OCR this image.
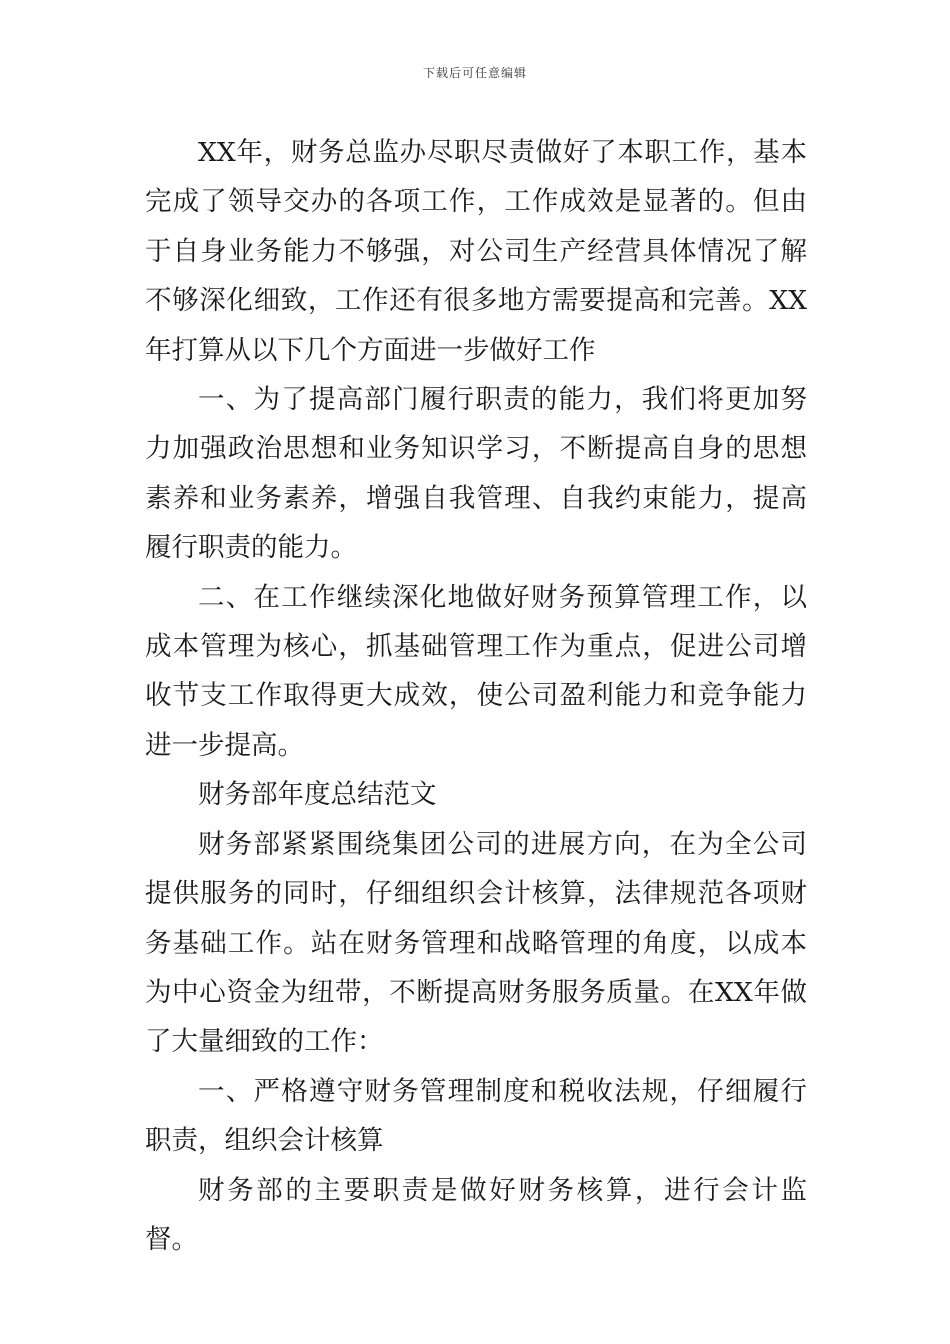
下载后可任意编辑

XX年，财务总监办尽职尽责做好了本职工作，基本完成了领导交办的各项工作，工作成效是显著的。但由于自身业务能力不够强，对公司生产经营具体情况了解不够深化细致，工作还有很多地方需要提高和完善。XX年打算从以下几个方面进一步做好工作

一、为了提高部门履行职责的能力，我们将更加努力加强政治思想和业务知识学习，不断提高自身的思想素养和业务素养，增强自我管理、自我约束能力，提高履行职责的能力。

二、在工作继续深化地做好财务预算管理工作，以成本管理为核心，抓基础管理工作为重点，促进公司增收节支工作取得更大成效，使公司盈利能力和竞争能力进一步提高。

财务部年度总结范文

财务部紧紧围绕集团公司的进展方向，在为全公司提供服务的同时，仔细组织会计核算，法律规范各项财务基础工作。站在财务管理和战略管理的角度，以成本为中心资金为纽带，不断提高财务服务质量。在XX年做了大量细致的工作：

一、严格遵守财务管理制度和税收法规，仔细履行职责，组织会计核算

财务部的主要职责是做好财务核算，进行会计监督。
